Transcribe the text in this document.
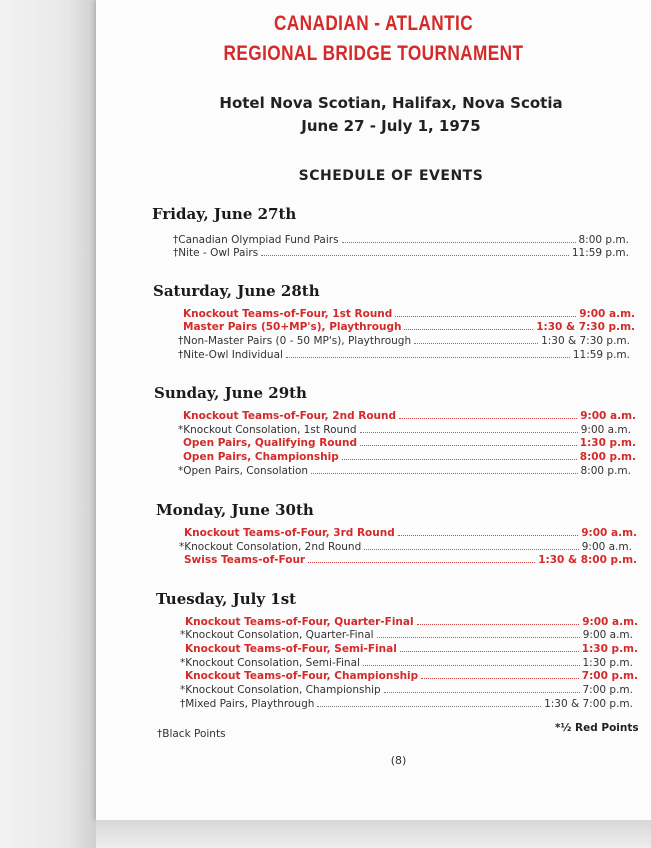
CANADIAN - ATLANTIC
REGIONAL BRIDGE TOURNAMENT
Hotel Nova Scotian, Halifax, Nova Scotia
June 27 - July 1, 1975
SCHEDULE OF EVENTS
Friday, June 27th
†Canadian Olympiad Fund Pairs	8:00 p.m.
†Nite - Owl Pairs	11:59 p.m.
Saturday, June 28th
Knockout Teams-of-Four, 1st Round	9:00 a.m.
Master Pairs (50+MP's), Playthrough	1:30 & 7:30 p.m.
†Non-Master Pairs (0 - 50 MP's), Playthrough	1:30 & 7:30 p.m.
†Nite-Owl Individual	11:59 p.m.
Sunday, June 29th
Knockout Teams-of-Four, 2nd Round	9:00 a.m.
*Knockout Consolation, 1st Round	9:00 a.m.
Open Pairs, Qualifying Round	1:30 p.m.
Open Pairs, Championship	8:00 p.m.
*Open Pairs, Consolation	8:00 p.m.
Monday, June 30th
Knockout Teams-of-Four, 3rd Round	9:00 a.m.
*Knockout Consolation, 2nd Round	9:00 a.m.
Swiss Teams-of-Four	1:30 & 8:00 p.m.
Tuesday, July 1st
Knockout Teams-of-Four, Quarter-Final	9:00 a.m.
*Knockout Consolation, Quarter-Final	9:00 a.m.
Knockout Teams-of-Four, Semi-Final	1:30 p.m.
*Knockout Consolation, Semi-Final	1:30 p.m.
Knockout Teams-of-Four, Championship	7:00 p.m.
*Knockout Consolation, Championship	7:00 p.m.
†Mixed Pairs, Playthrough	1:30 & 7:00 p.m.
†Black Points	*½ Red Points
(8)
